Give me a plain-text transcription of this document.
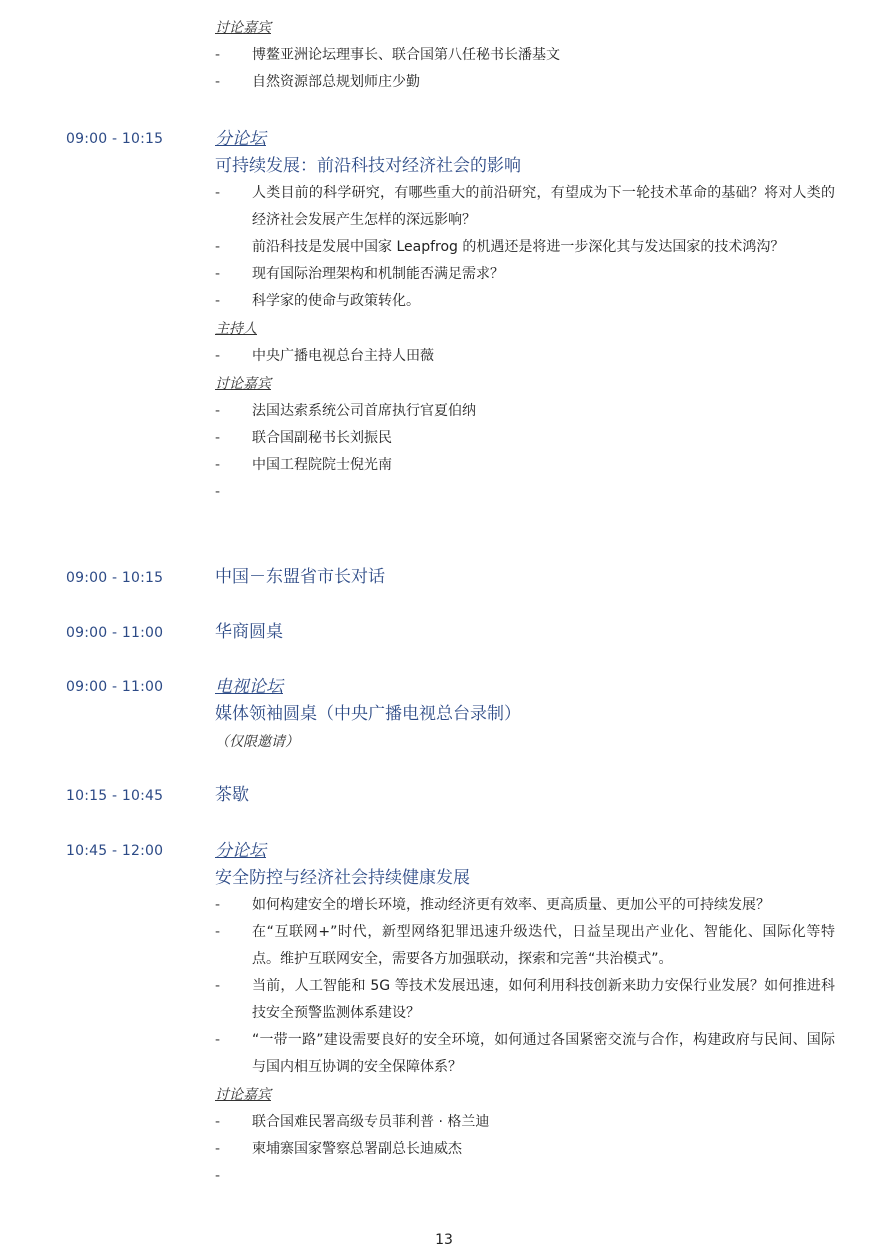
讨论嘉宾
- 博鳌亚洲论坛理事长、联合国第八任秘书长潘基文
- 自然资源部总规划师庄少勤
09:00 - 10:15	分论坛
可持续发展：前沿科技对经济社会的影响
- 人类目前的科学研究，有哪些重大的前沿研究，有望成为下一轮技术革命的基础？将对人类的经济社会发展产生怎样的深远影响？
- 前沿科技是发展中国家 Leapfrog 的机遇还是将进一步深化其与发达国家的技术鸿沟？
- 现有国际治理架构和机制能否满足需求？
- 科学家的使命与政策转化。
主持人
- 中央广播电视总台主持人田薇
讨论嘉宾
- 法国达索系统公司首席执行官夏伯纳
- 联合国副秘书长刘振民
- 中国工程院院士倪光南
-
09:00 - 10:15	中国－东盟省市长对话
09:00 - 11:00	华商圆桌
09:00 - 11:00	电视论坛
媒体领袖圆桌（中央广播电视总台录制）
（仅限邀请）
10:15 - 10:45	茶歇
10:45 - 12:00	分论坛
安全防控与经济社会持续健康发展
- 如何构建安全的增长环境，推动经济更有效率、更高质量、更加公平的可持续发展？
- 在“互联网+”时代，新型网络犯罪迅速升级迭代，日益呈现出产业化、智能化、国际化等特点。维护互联网安全，需要各方加强联动，探索和完善“共治模式”。
- 当前，人工智能和 5G 等技术发展迅速，如何利用科技创新来助力安保行业发展？如何推进科技安全预警监测体系建设？
- “一带一路”建设需要良好的安全环境，如何通过各国紧密交流与合作，构建政府与民间、国际与国内相互协调的安全保障体系？
讨论嘉宾
- 联合国难民署高级专员菲利普 · 格兰迪
- 柬埔寨国家警察总署副总长迪威杰
-
13
